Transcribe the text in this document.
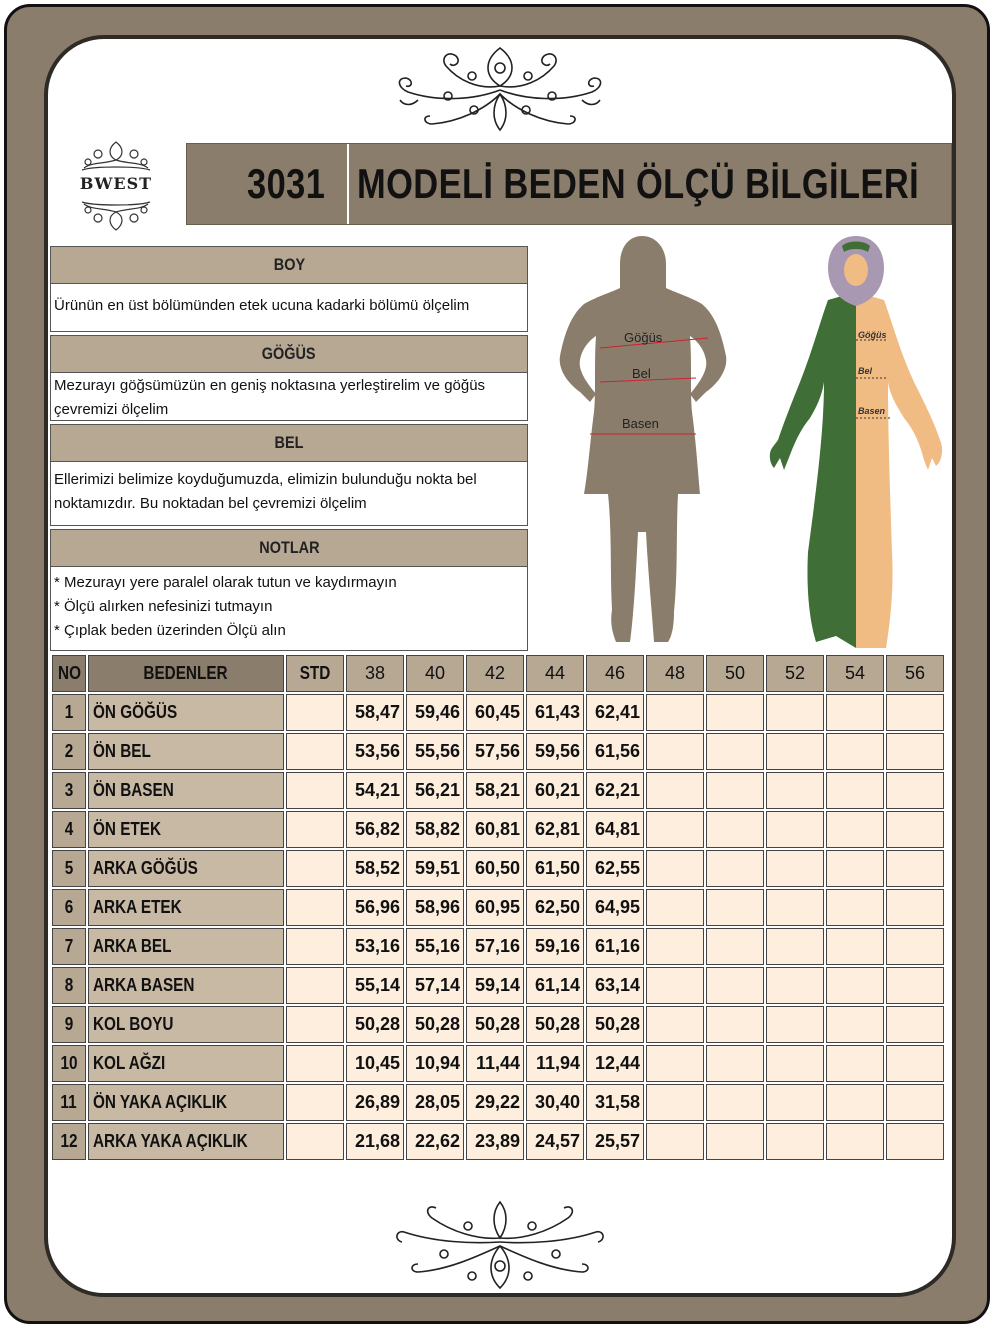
BWEST 3031 MODELİ BEDEN ÖLÇÜ BİLGİLERİ
BOY
Ürünün en üst bölümünden etek ucuna kadarki bölümü ölçelim
GÖĞÜS
Mezurayı göğsümüzün en geniş noktasına yerleştirelim ve göğüs
çevremizi ölçelim
BEL
Ellerimizi belimize koyduğumuzda, elimizin bulunduğu nokta bel
noktamızdır. Bu noktadan bel çevremizi ölçelim
NOTLAR
* Mezurayı yere paralel olarak tutun ve kaydırmayın
* Ölçü alırken nefesinizi tutmayın
* Çıplak beden üzerinden Ölçü alın
Göğüs
Bel
Basen
Göğüs
Bel
Basen
NO	BEDENLER	STD	38	40	42	44	46	48	50	52	54	56
1	ÖN GÖĞÜS		58,47	59,46	60,45	61,43	62,41					
2	ÖN BEL		53,56	55,56	57,56	59,56	61,56					
3	ÖN BASEN		54,21	56,21	58,21	60,21	62,21					
4	ÖN ETEK		56,82	58,82	60,81	62,81	64,81					
5	ARKA GÖĞÜS		58,52	59,51	60,50	61,50	62,55					
6	ARKA ETEK		56,96	58,96	60,95	62,50	64,95					
7	ARKA BEL		53,16	55,16	57,16	59,16	61,16					
8	ARKA BASEN		55,14	57,14	59,14	61,14	63,14					
9	KOL BOYU		50,28	50,28	50,28	50,28	50,28					
10	KOL AĞZI		10,45	10,94	11,44	11,94	12,44					
11	ÖN YAKA AÇIKLIK		26,89	28,05	29,22	30,40	31,58					
12	ARKA YAKA AÇIKLIK		21,68	22,62	23,89	24,57	25,57					
